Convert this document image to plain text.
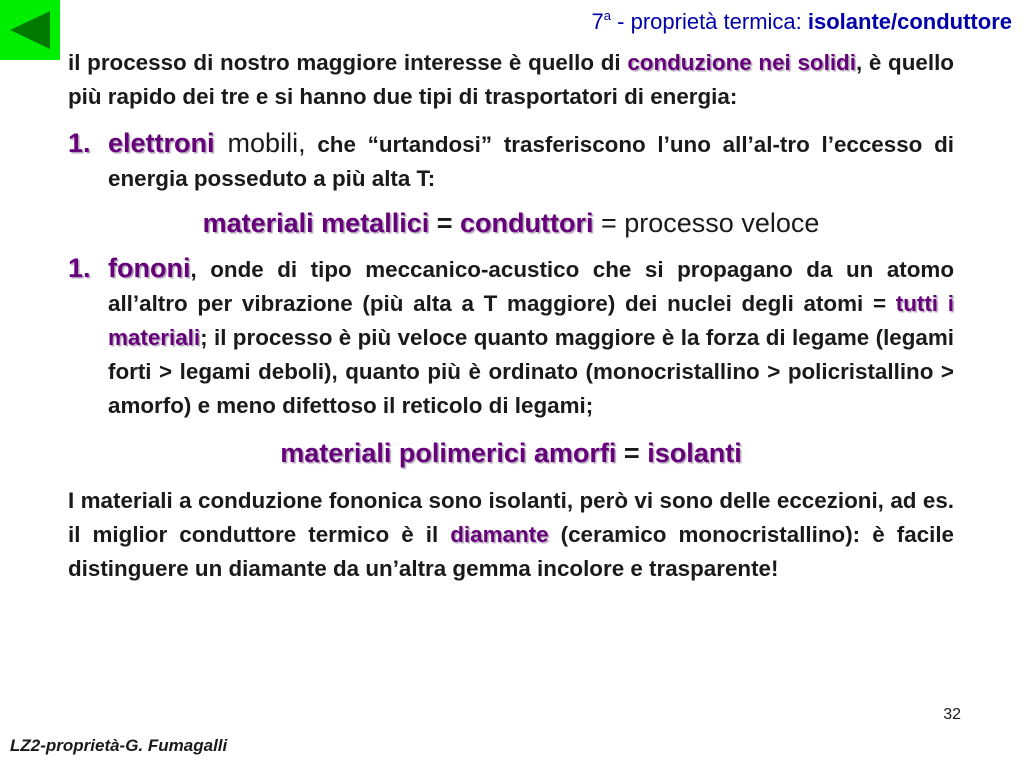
7$^a$ - proprietà termica: isolante/conduttore

il processo di nostro maggiore interesse è quello di conduzione nei solidi, è quello più rapido dei tre e si hanno due tipi di trasportatori di energia:

1. elettroni mobili, che “urtandosi” trasferiscono l’uno all’al-tro l’eccesso di energia posseduto a più alta T:

materiali metallici = conduttori = processo veloce

1. fononi, onde di tipo meccanico-acustico che si propagano da un atomo all’altro per vibrazione (più alta a T maggiore) dei nuclei degli atomi = tutti i materiali; il processo è più veloce quanto maggiore è la forza di legame (legami forti > legami deboli), quanto più è ordinato (monocristallino > policristallino > amorfo) e meno difettoso il reticolo di legami;

materiali polimerici amorfi = isolanti

I materiali a conduzione fononica sono isolanti, però vi sono delle eccezioni, ad es. il miglior conduttore termico è il diamante (ceramico monocristallino): è facile distinguere un diamante da un’altra gemma incolore e trasparente!

32
LZ2-proprietà-G. Fumagalli
